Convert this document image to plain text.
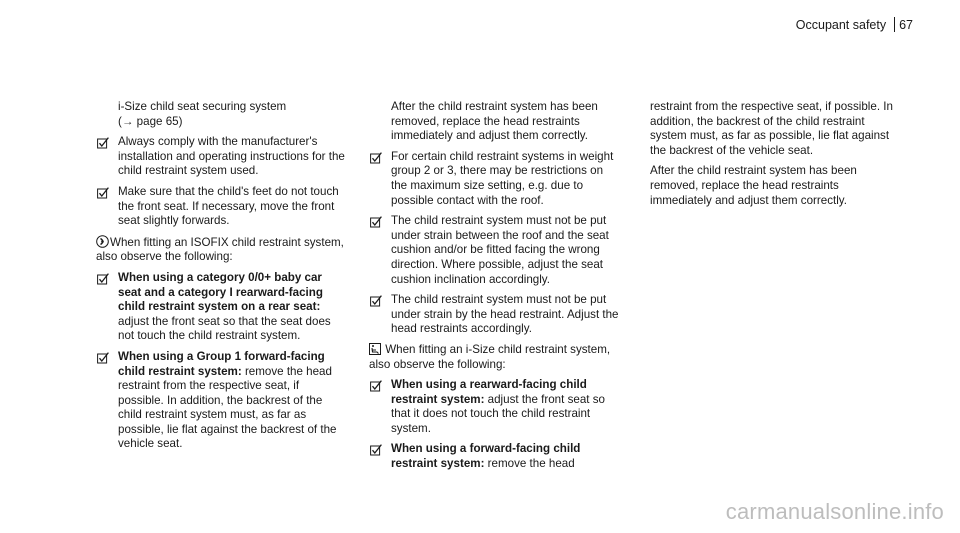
Occupant safety 67
i-Size child seat securing system
(→ page 65)
Always comply with the manufacturer's installation and operating instructions for the child restraint system used.
Make sure that the child's feet do not touch the front seat. If necessary, move the front seat slightly forwards.
When fitting an ISOFIX child restraint system, also observe the following:
When using a category 0/0+ baby car seat and a category I rearward-facing child restraint system on a rear seat: adjust the front seat so that the seat does not touch the child restraint system.
When using a Group 1 forward-facing child restraint system: remove the head restraint from the respective seat, if possible. In addition, the backrest of the child restraint system must, as far as possible, lie flat against the backrest of the vehicle seat.
After the child restraint system has been removed, replace the head restraints immediately and adjust them correctly.
For certain child restraint systems in weight group 2 or 3, there may be restrictions on the maximum size setting, e.g. due to possible contact with the roof.
The child restraint system must not be put under strain between the roof and the seat cushion and/or be fitted facing the wrong direction. Where possible, adjust the seat cushion inclination accordingly.
The child restraint system must not be put under strain by the head restraint. Adjust the head restraints accordingly.
When fitting an i-Size child restraint system, also observe the following:
When using a rearward-facing child restraint system: adjust the front seat so that it does not touch the child restraint system.
When using a forward-facing child restraint system: remove the head
restraint from the respective seat, if possible. In addition, the backrest of the child restraint system must, as far as possible, lie flat against the backrest of the vehicle seat.
After the child restraint system has been removed, replace the head restraints immediately and adjust them correctly.
carmanualsonline.info
